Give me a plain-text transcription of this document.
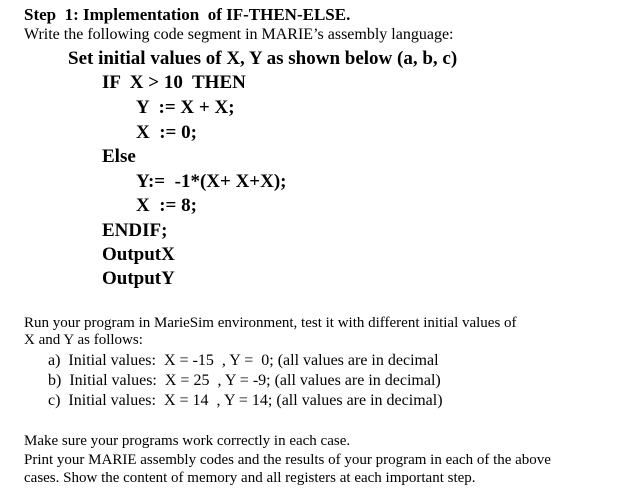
Step  1: Implementation  of IF-THEN-ELSE.
Write the following code segment in MARIE’s assembly language:
Set initial values of X, Y as shown below (a, b, c)
IF  X > 10  THEN
Y  := X + X;
X  := 0;
Else
Y:=  -1*(X+ X+X);
X  := 8;
ENDIF;
OutputX
OutputY
Run your program in MarieSim environment, test it with different initial values of
X and Y as follows:
a)  Initial values:  X = -15  , Y =  0; (all values are in decimal
b)  Initial values:  X = 25  , Y = -9; (all values are in decimal)
c)  Initial values:  X = 14  , Y = 14; (all values are in decimal)
Make sure your programs work correctly in each case.
Print your MARIE assembly codes and the results of your program in each of the above
cases. Show the content of memory and all registers at each important step.
